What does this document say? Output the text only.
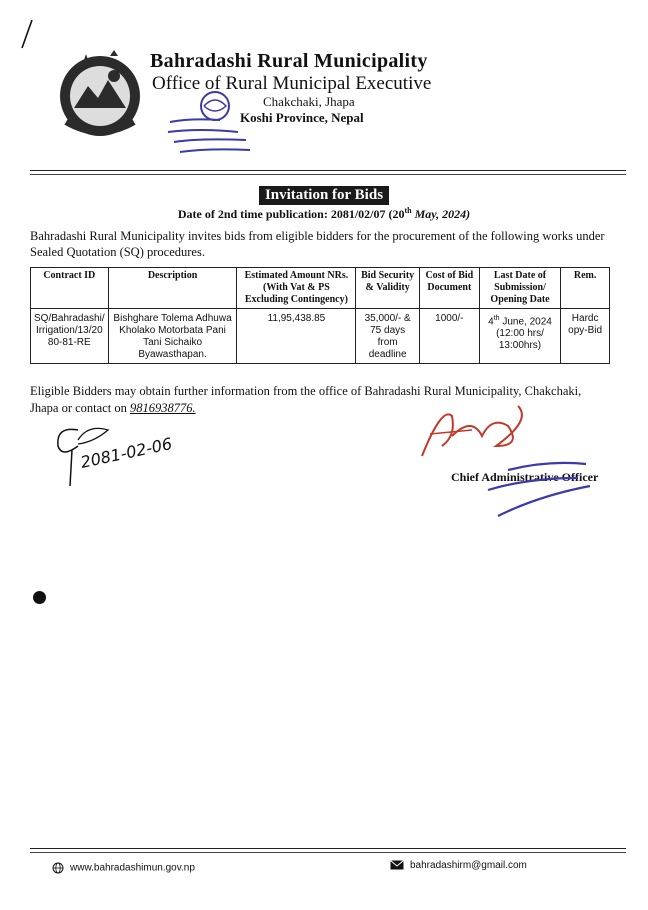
Bahradashi Rural Municipality
Office of Rural Municipal Executive
Chakchaki, Jhapa
Koshi Province, Nepal
Invitation for Bids
Date of 2nd time publication: 2081/02/07 (20th May, 2024)
Bahradashi Rural Municipality invites bids from eligible bidders for the procurement of the following works under Sealed Quotation (SQ) procedures.
Contract ID	Description	Estimated Amount NRs. (With Vat & PS Excluding Contingency)	Bid Security & Validity	Cost of Bid Document	Last Date of Submission/ Opening Date	Rem.
SQ/Bahradashi/ Irrigation/13/20 80-81-RE	Bishghare Tolema Adhuwa Kholako Motorbata Pani Tani Sichaiko Byawasthapan.	11,95,438.85	35,000/- & 75 days from deadline	1000/-	4th June, 2024 (12:00 hrs/ 13:00hrs)	Hardc opy-Bid
Eligible Bidders may obtain further information from the office of Bahradashi Rural Municipality, Chakchaki, Jhapa or contact on 9816938776.
2081-02-06
Chief Administrative Officer
www.bahradashimun.gov.np	bahradashirm@gmail.com
